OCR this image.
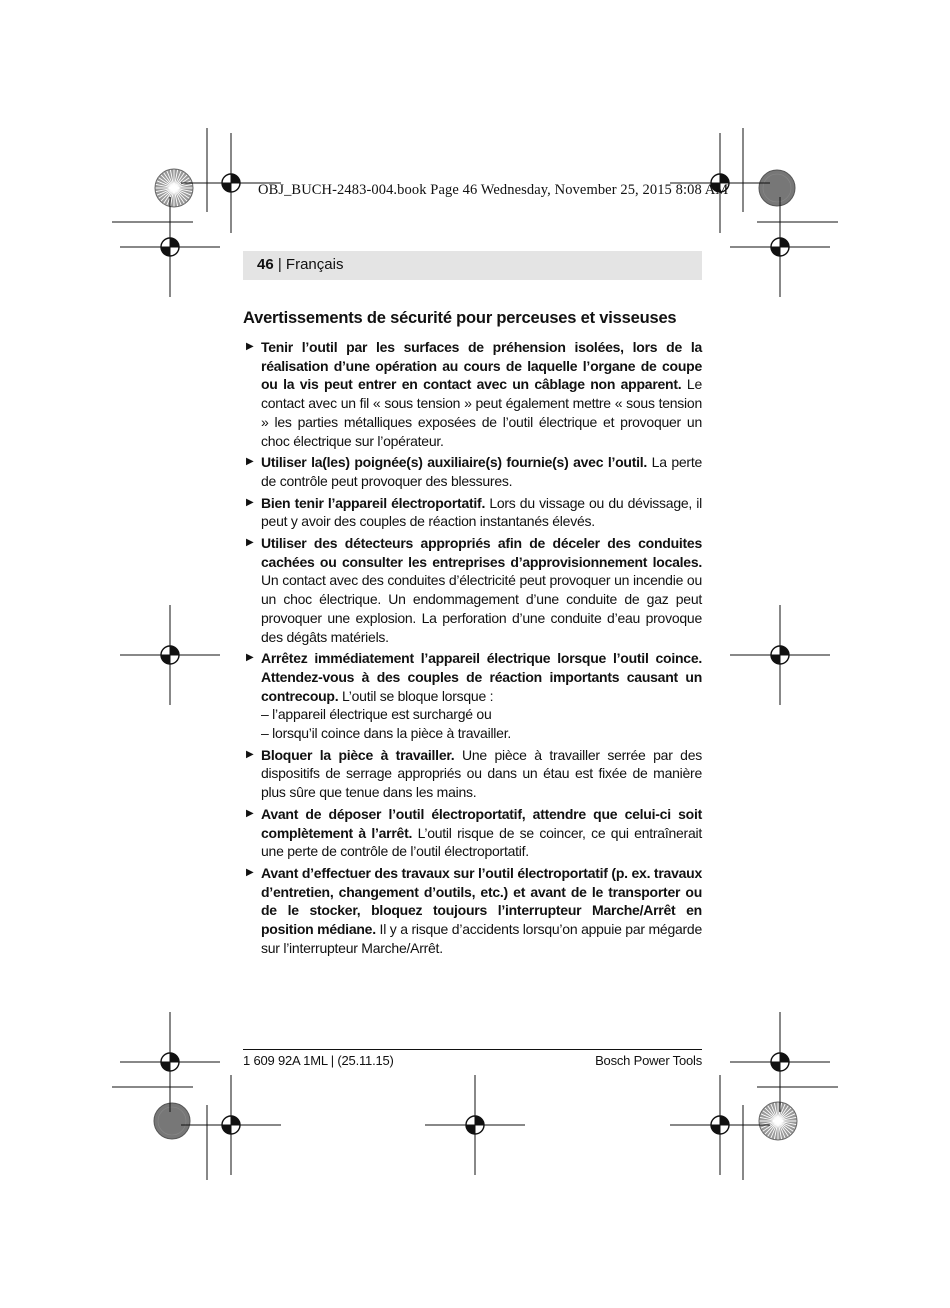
OBJ_BUCH-2483-004.book Page 46 Wednesday, November 25, 2015 8:08 AM
46 | Français
Avertissements de sécurité pour perceuses et visseuses
▶ Tenir l’outil par les surfaces de préhension isolées, lors de la réalisation d’une opération au cours de laquelle l’organe de coupe ou la vis peut entrer en contact avec un câblage non apparent. Le contact avec un fil « sous tension » peut également mettre « sous tension » les parties métalliques exposées de l’outil électrique et provoquer un choc électrique sur l’opérateur.
▶ Utiliser la(les) poignée(s) auxiliaire(s) fournie(s) avec l’outil. La perte de contrôle peut provoquer des blessures.
▶ Bien tenir l’appareil électroportatif. Lors du vissage ou du dévissage, il peut y avoir des couples de réaction instantanés élevés.
▶ Utiliser des détecteurs appropriés afin de déceler des conduites cachées ou consulter les entreprises d’approvisionnement locales. Un contact avec des conduites d’électricité peut provoquer un incendie ou un choc électrique. Un endommagement d’une conduite de gaz peut provoquer une explosion. La perforation d’une conduite d’eau provoque des dégâts matériels.
▶ Arrêtez immédiatement l’appareil électrique lorsque l’outil coince. Attendez-vous à des couples de réaction importants causant un contrecoup. L’outil se bloque lorsque :
– l’appareil électrique est surchargé ou
– lorsqu’il coince dans la pièce à travailler.
▶ Bloquer la pièce à travailler. Une pièce à travailler serrée par des dispositifs de serrage appropriés ou dans un étau est fixée de manière plus sûre que tenue dans les mains.
▶ Avant de déposer l’outil électroportatif, attendre que celui-ci soit complètement à l’arrêt. L’outil risque de se coincer, ce qui entraînerait une perte de contrôle de l’outil électroportatif.
▶ Avant d’effectuer des travaux sur l’outil électroportatif (p. ex. travaux d’entretien, changement d’outils, etc.) et avant de le transporter ou de le stocker, bloquez toujours l’interrupteur Marche/Arrêt en position médiane. Il y a risque d’accidents lorsqu’on appuie par mégarde sur l’interrupteur Marche/Arrêt.
1 609 92A 1ML | (25.11.15)	Bosch Power Tools
